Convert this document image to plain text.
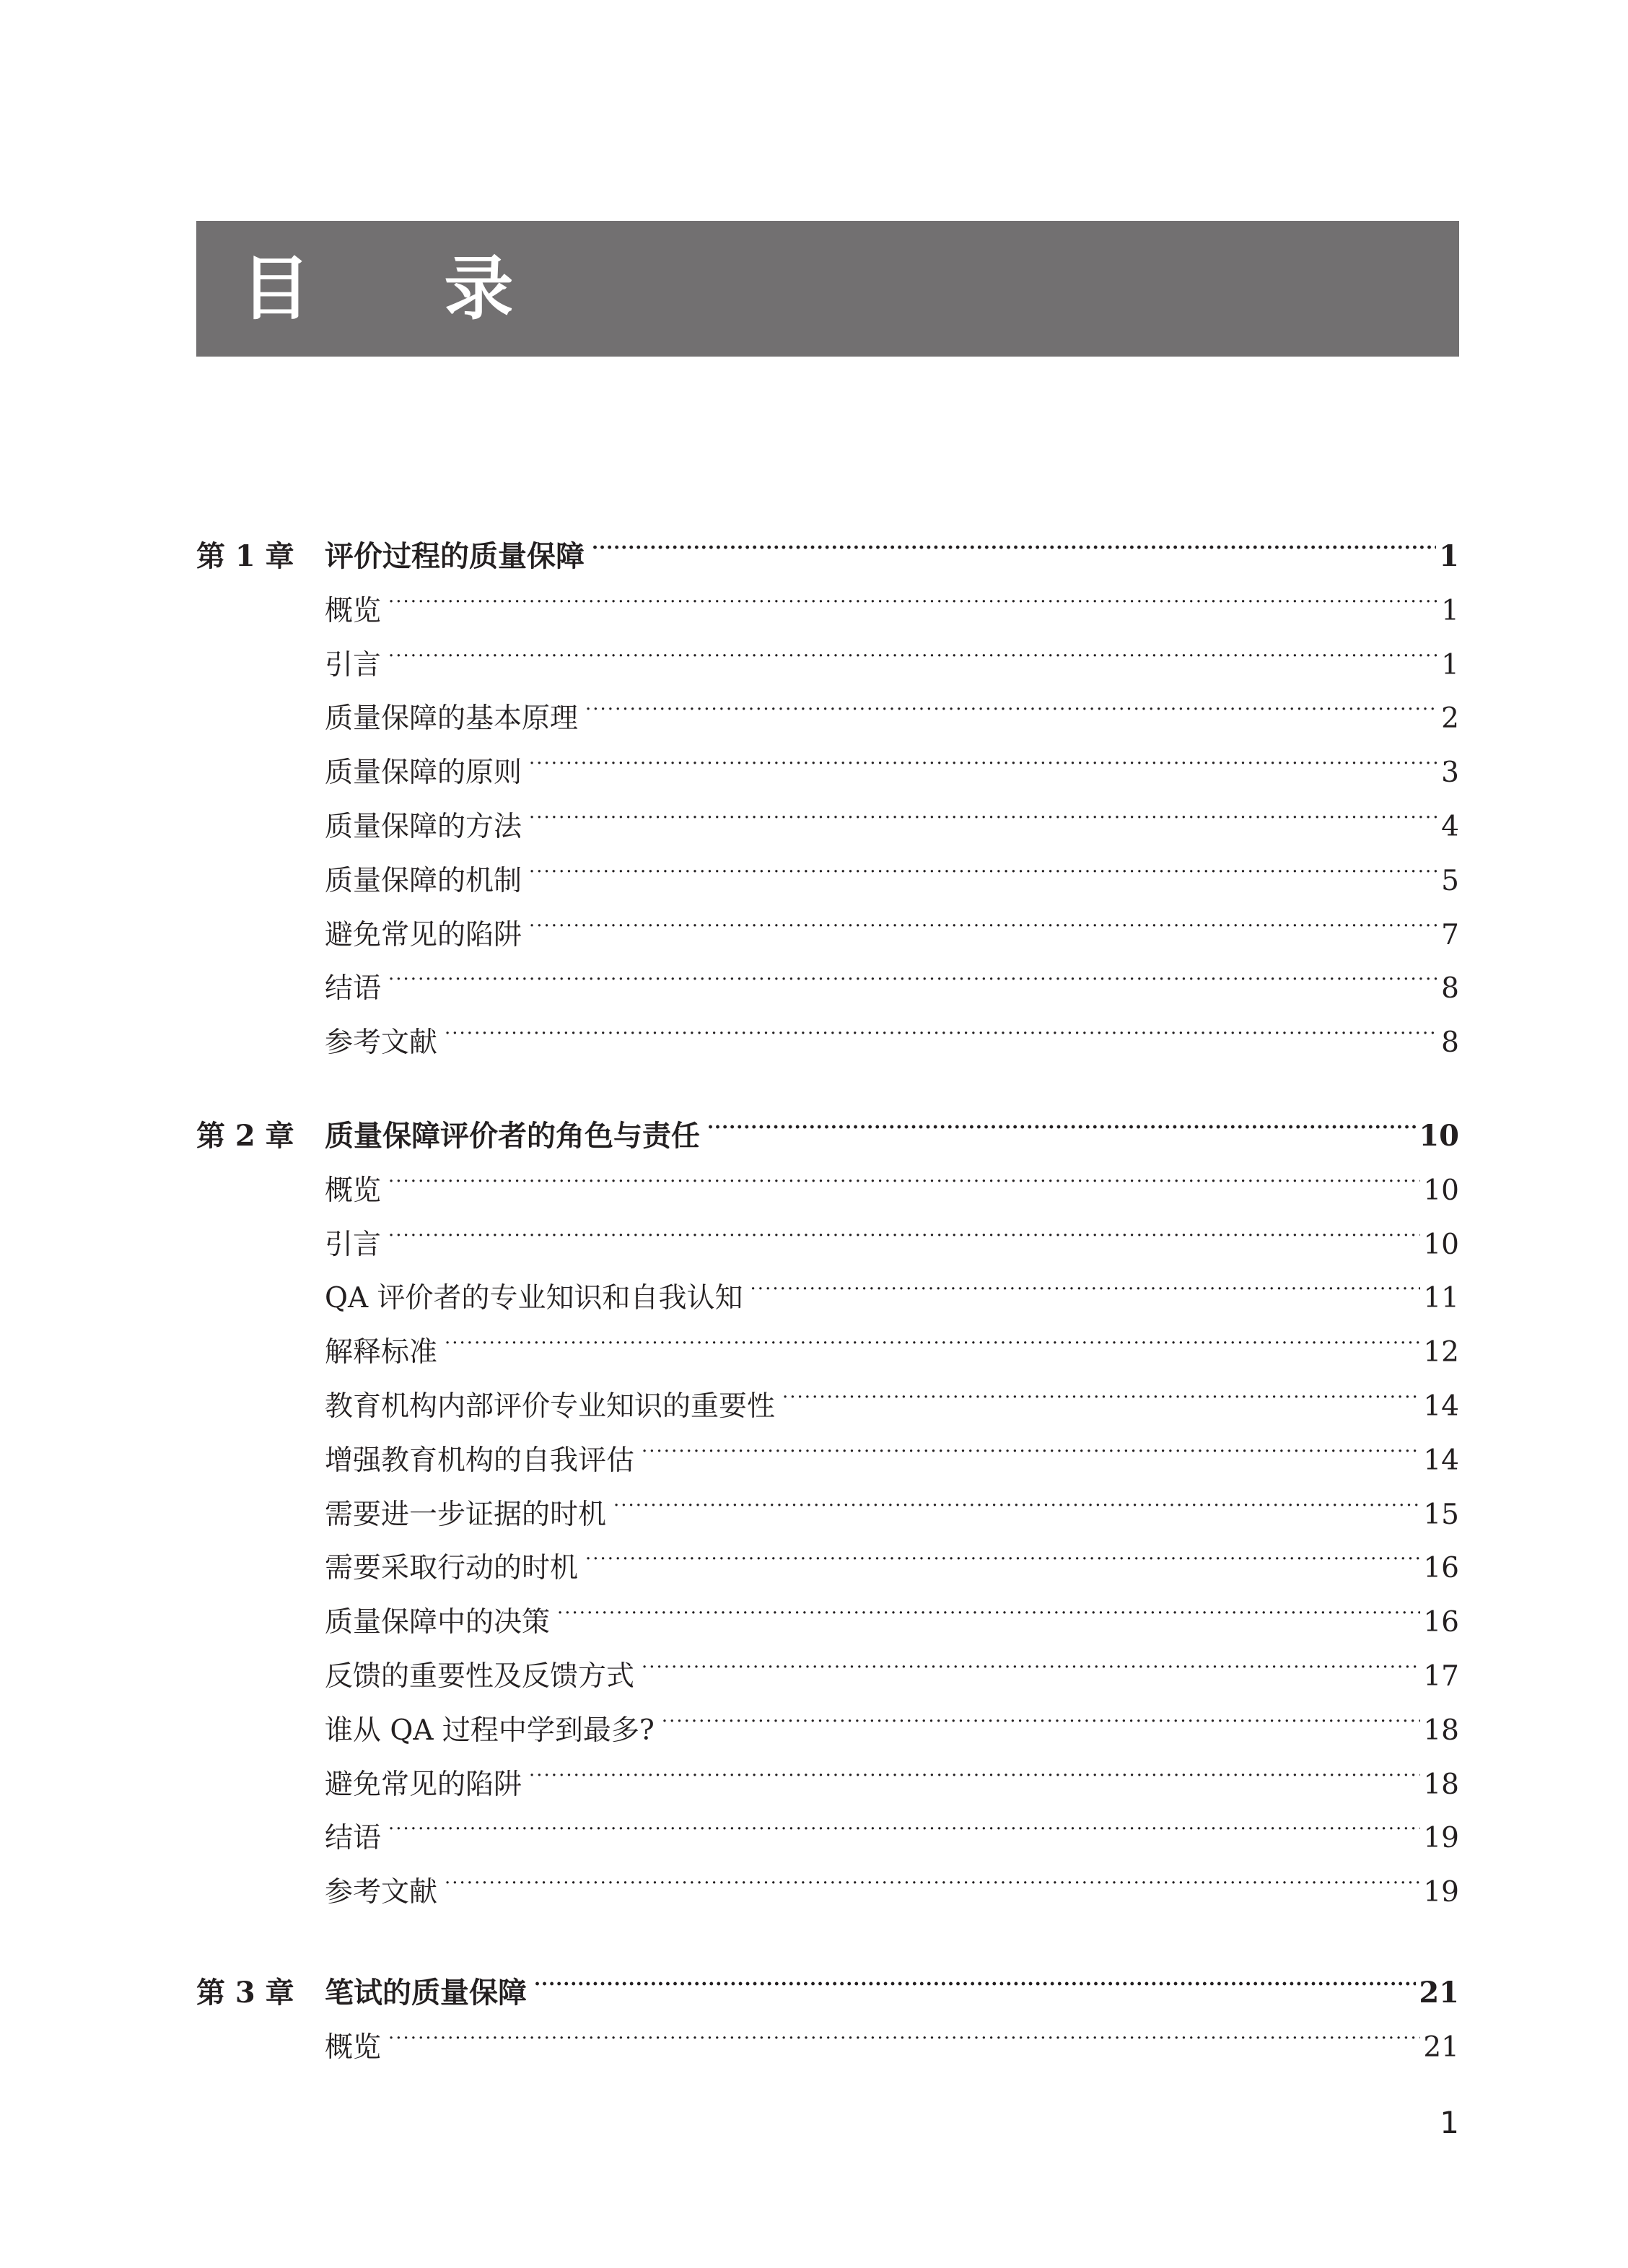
目 录
第 1 章	评价过程的质量保障 ·····	1
概览 ·····	1
引言 ·····	1
质量保障的基本原理 ·····	2
质量保障的原则 ·····	3
质量保障的方法 ·····	4
质量保障的机制 ·····	5
避免常见的陷阱 ·····	7
结语 ·····	8
参考文献 ·····	8
第 2 章	质量保障评价者的角色与责任 ·····	10
概览 ·····	10
引言 ·····	10
QA 评价者的专业知识和自我认知 ·····	11
解释标准 ·····	12
教育机构内部评价专业知识的重要性 ·····	14
增强教育机构的自我评估 ·····	14
需要进一步证据的时机 ·····	15
需要采取行动的时机 ·····	16
质量保障中的决策 ·····	16
反馈的重要性及反馈方式 ·····	17
谁从 QA 过程中学到最多? ·····	18
避免常见的陷阱 ·····	18
结语 ·····	19
参考文献 ·····	19
第 3 章	笔试的质量保障 ·····	21
概览 ·····	21
1
